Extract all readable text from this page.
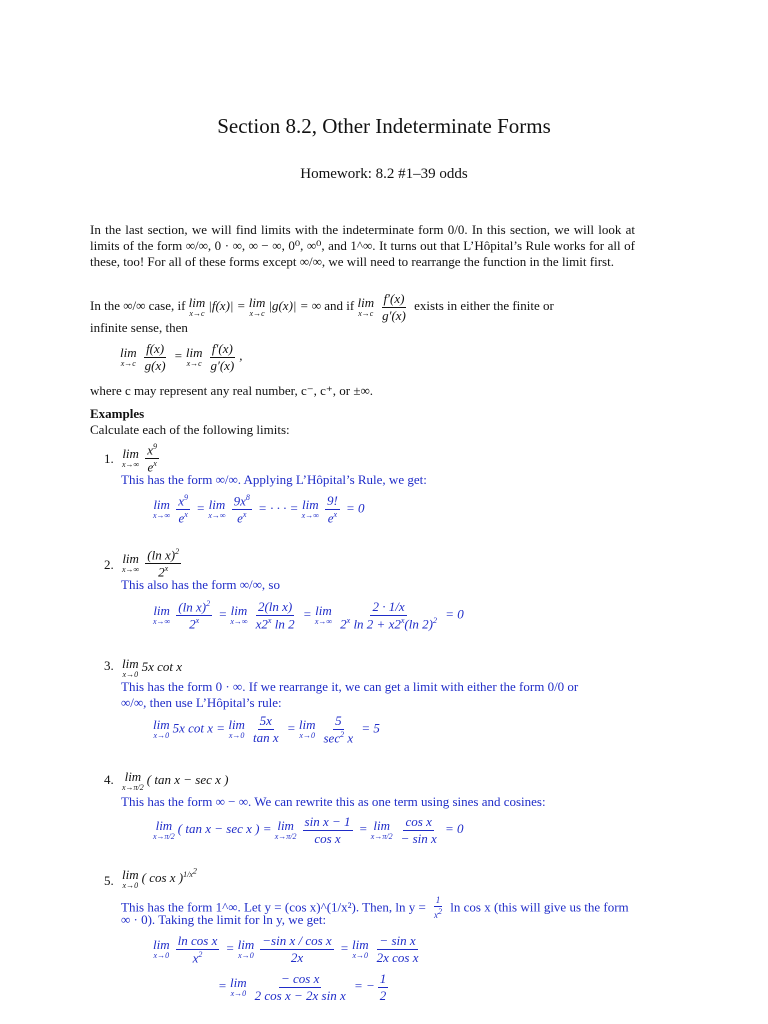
Section 8.2, Other Indeterminate Forms
Homework: 8.2 #1–39 odds
In the last section, we will find limits with the indeterminate form 0/0. In this section, we will look at limits of the form ∞/∞, 0 · ∞, ∞ − ∞, 0⁰, ∞⁰, and 1^∞. It turns out that L’Hôpital’s Rule works for all of these, too! For all of these forms except ∞/∞, we will need to rearrange the function in the limit first.
In the ∞/∞ case, if lim
x→c
|f(x)| = lim
x→c
|g(x)| = ∞ and if lim
$x\to c \frac{f'(x)}{g'(x)}$ exists in either the finite or
infinite sense, then
lim
$x\to c \frac{f(x)}{g(x)} = \lim$
$x\to c \frac{f'(x)}{g'(x)}$ ,
where c may represent any real number, c⁻, c⁺, or ±∞.
Examples
Calculate each of the following limits:
1. lim
$x\to\infty \frac{x^9}{e^x}$
This has the form ∞/∞. Applying L’Hôpital’s Rule, we get:
lim
$x\to\infty \frac{x^9}{e^x} = \lim$
$x\to\infty \frac{9x^8}{e^x}$ = · · · = lim
$x\to\infty \frac{9!}{e^x} = 0$
2. lim
$x\to\infty \frac{(\ln x)^2}{2^x}$
This also has the form ∞/∞, so
lim
$x\to\infty \frac{(\ln x)^2}{2^x} = \lim$
$x\to\infty \frac{\text{2(ln x)}}{x2^x \ln 2} = \lim$
$x\to\infty \frac{2 \cdot 1/x}{2^x \ln 2 + x2^x(\ln 2)^2} = 0$
3. lim
x→0
5x cot x
This has the form 0 · ∞. If we rearrange it, we can get a limit with either the form 0/0 or
∞/∞, then use L’Hôpital’s rule:
lim
x→0
5x cot x = lim
$x\to 0 \frac{5x}{\text{tan x}} = \lim$
$x\to 0 \frac{5}{\sec^2 x} = 5$
4. lim
x→π/2
( tan x − sec x )
This has the form ∞ − ∞. We can rewrite this as one term using sines and cosines:
lim
x→π/2
( tan x − sec x ) = lim
$x\to\pi/2 \frac{\text{sin x − 1}}{\text{cos x}} = \lim$
$x\to\pi/2 \frac{\text{cos x}}{\text{− sin x}} = 0$
5. lim
x→0
( cos x )$^{1/x^2}$
This has the form 1^∞. Let y = (cos x)^(1/x²). Then, $\ln y = \frac{1}{x^2}$ ln cos x (this will give us the form
∞ · 0). Taking the limit for ln y, we get:
lim
$x\to 0 \frac{\text{ln cos x}}{x^2} = \lim$
$x\to 0 \frac{\text{−sin x / cos x}}{2x} = \lim$
$x\to 0 \frac{\text{− sin x}}{\text{2x cos x}}$
= lim
$x\to 0 \frac{\text{− cos x}}{\text{2 cos x − 2x sin x}}$ = − $\frac{1}{2}$
